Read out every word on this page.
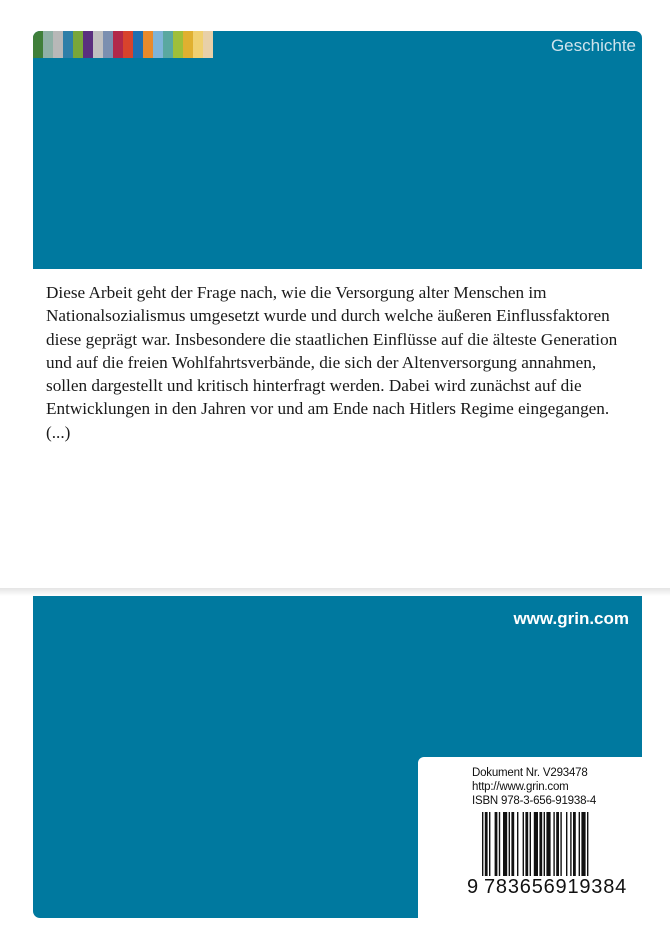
Geschichte

Diese Arbeit geht der Frage nach, wie die Versorgung alter Menschen im Nationalsozialismus umgesetzt wurde und durch welche äußeren Einflussfaktoren diese geprägt war. Insbesondere die staatlichen Einflüsse auf die älteste Generation und auf die freien Wohlfahrtsverbände, die sich der Altenversorgung annahmen, sollen dargestellt und kritisch hinterfragt werden. Dabei wird zunächst auf die Entwicklungen in den Jahren vor und am Ende nach Hitlers Regime eingegangen. (...)

www.grin.com
Dokument Nr. V293478
http://www.grin.com
ISBN 978-3-656-91938-4
9 783656919384
